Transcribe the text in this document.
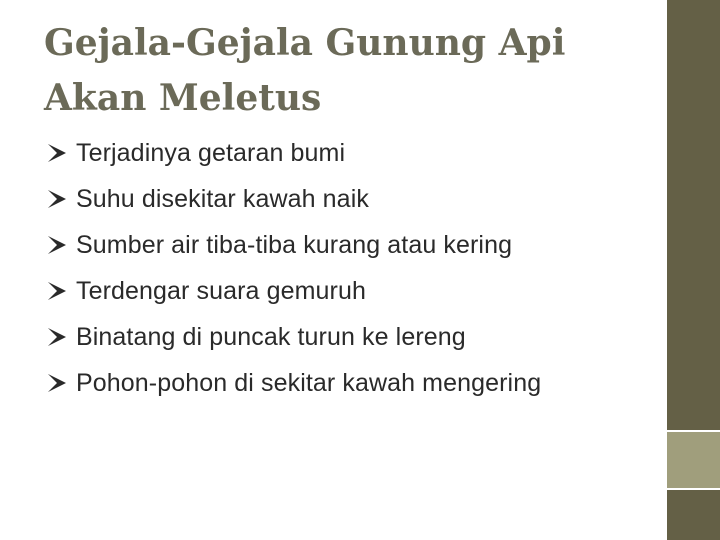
Gejala-Gejala Gunung Api
Akan Meletus
Terjadinya getaran bumi
Suhu disekitar kawah naik
Sumber air tiba-tiba kurang atau kering
Terdengar suara gemuruh
Binatang di puncak turun ke lereng
Pohon-pohon di sekitar kawah mengering
